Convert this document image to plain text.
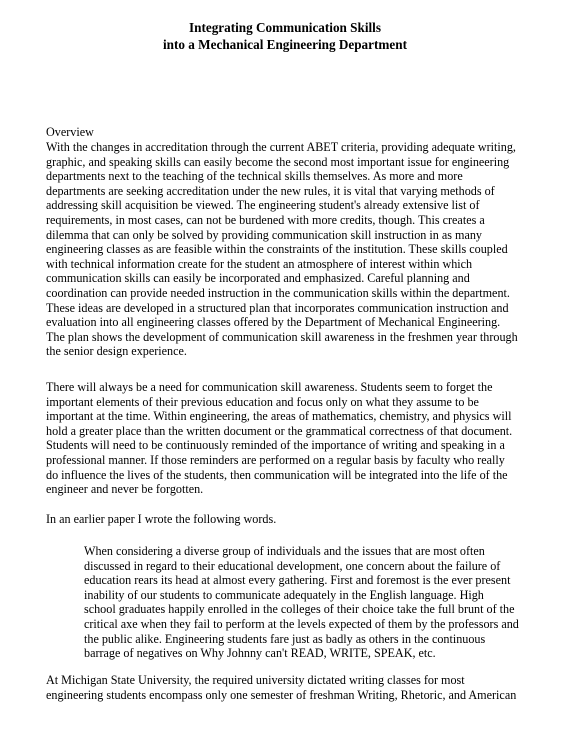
Integrating Communication Skills
into a Mechanical Engineering Department
Overview
With the changes in accreditation through the current ABET criteria, providing adequate writing,
graphic, and speaking skills can easily become the second most important issue for engineering
departments next to the teaching of the technical skills themselves. As more and more
departments are seeking accreditation under the new rules, it is vital that varying methods of
addressing skill acquisition be viewed. The engineering student's already extensive list of
requirements, in most cases, can not be burdened with more credits, though. This creates a
dilemma that can only be solved by providing communication skill instruction in as many
engineering classes as are feasible within the constraints of the institution. These skills coupled
with technical information create for the student an atmosphere of interest within which
communication skills can easily be incorporated and emphasized. Careful planning and
coordination can provide needed instruction in the communication skills within the department.
These ideas are developed in a structured plan that incorporates communication instruction and
evaluation into all engineering classes offered by the Department of Mechanical Engineering.
The plan shows the development of communication skill awareness in the freshmen year through
the senior design experience.
There will always be a need for communication skill awareness. Students seem to forget the
important elements of their previous education and focus only on what they assume to be
important at the time. Within engineering, the areas of mathematics, chemistry, and physics will
hold a greater place than the written document or the grammatical correctness of that document.
Students will need to be continuously reminded of the importance of writing and speaking in a
professional manner. If those reminders are performed on a regular basis by faculty who really
do influence the lives of the students, then communication will be integrated into the life of the
engineer and never be forgotten.
In an earlier paper I wrote the following words.
When considering a diverse group of individuals and the issues that are most often
discussed in regard to their educational development, one concern about the failure of
education rears its head at almost every gathering. First and foremost is the ever present
inability of our students to communicate adequately in the English language. High
school graduates happily enrolled in the colleges of their choice take the full brunt of the
critical axe when they fail to perform at the levels expected of them by the professors and
the public alike. Engineering students fare just as badly as others in the continuous
barrage of negatives on Why Johnny can't READ, WRITE, SPEAK, etc.
At Michigan State University, the required university dictated writing classes for most
engineering students encompass only one semester of freshman Writing, Rhetoric, and American
